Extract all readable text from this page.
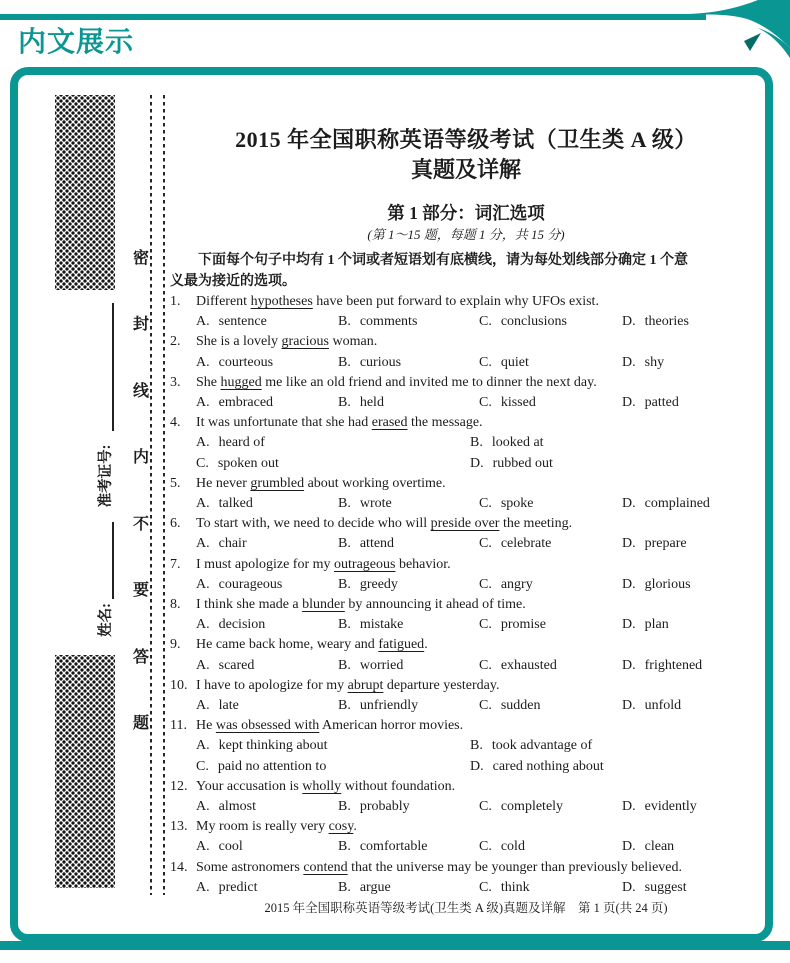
内文展示
准考证号:
姓名:
密
封
线
内
不
要
答
题
2015 年全国职称英语等级考试（卫生类 A 级）
真题及详解
第 1 部分：词汇选项
(第 1～15 题，每题 1 分，共 15 分)
下面每个句子中均有 1 个词或者短语划有底横线，请为每处划线部分确定 1 个意
义最为接近的选项。
1.	Different hypotheses have been put forward to explain why UFOs exist.
A. sentence	B. comments	C. conclusions	D. theories
2.	She is a lovely gracious woman.
A. courteous	B. curious	C. quiet	D. shy
3.	She hugged me like an old friend and invited me to dinner the next day.
A. embraced	B. held	C. kissed	D. patted
4.	It was unfortunate that she had erased the message.
A. heard of	B. looked at
C. spoken out	D. rubbed out
5.	He never grumbled about working overtime.
A. talked	B. wrote	C. spoke	D. complained
6.	To start with, we need to decide who will preside over the meeting.
A. chair	B. attend	C. celebrate	D. prepare
7.	I must apologize for my outrageous behavior.
A. courageous	B. greedy	C. angry	D. glorious
8.	I think she made a blunder by announcing it ahead of time.
A. decision	B. mistake	C. promise	D. plan
9.	He came back home, weary and fatigued.
A. scared	B. worried	C. exhausted	D. frightened
10. I have to apologize for my abrupt departure yesterday.
A. late	B. unfriendly	C. sudden	D. unfold
11. He was obsessed with American horror movies.
A. kept thinking about	B. took advantage of
C. paid no attention to	D. cared nothing about
12. Your accusation is wholly without foundation.
A. almost	B. probably	C. completely	D. evidently
13. My room is really very cosy.
A. cool	B. comfortable	C. cold	D. clean
14. Some astronomers contend that the universe may be younger than previously believed.
A. predict	B. argue	C. think	D. suggest
2015 年全国职称英语等级考试(卫生类 A 级)真题及详解　第 1 页(共 24 页)
